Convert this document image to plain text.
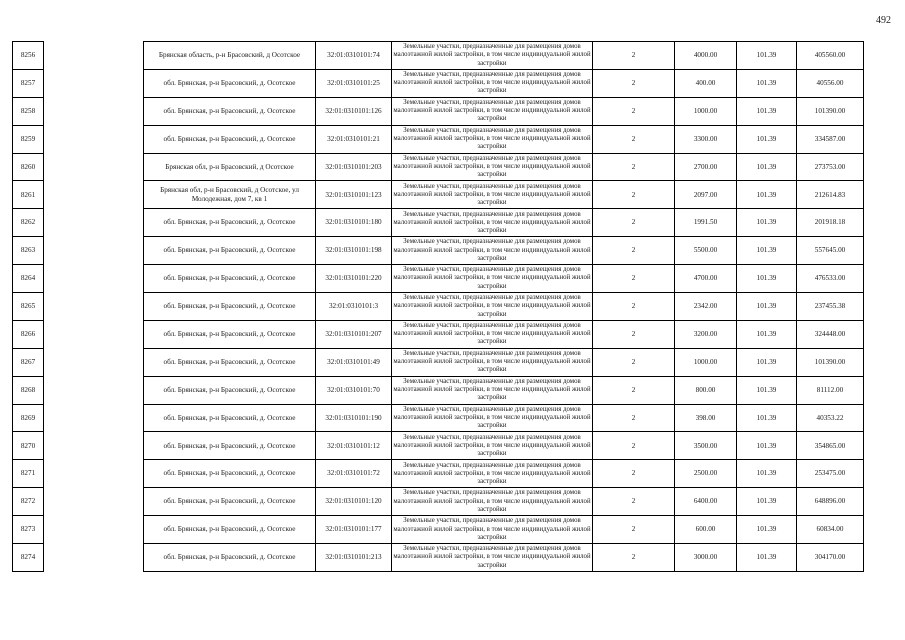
492
8256		Брянская область, р-н Брасовский, д Осотское	32:01:0310101:74	Земельные участки, предназначенные для размещения домов малоэтажной жилой застройки, в том числе индивидуальной жилой застройки	2	4000.00	101.39	405560.00
8257		обл. Брянская, р-н Брасовский, д. Осотское	32:01:0310101:25	Земельные участки, предназначенные для размещения домов малоэтажной жилой застройки, в том числе индивидуальной жилой застройки	2	400.00	101.39	40556.00
8258		обл. Брянская, р-н Брасовский, д. Осотское	32:01:0310101:126	Земельные участки, предназначенные для размещения домов малоэтажной жилой застройки, в том числе индивидуальной жилой застройки	2	1000.00	101.39	101390.00
8259		обл. Брянская, р-н Брасовский, д. Осотское	32:01:0310101:21	Земельные участки, предназначенные для размещения домов малоэтажной жилой застройки, в том числе индивидуальной жилой застройки	2	3300.00	101.39	334587.00
8260		Брянская обл, р-н Брасовский, д Осотское	32:01:0310101:203	Земельные участки, предназначенные для размещения домов малоэтажной жилой застройки, в том числе индивидуальной жилой застройки	2	2700.00	101.39	273753.00
8261		Брянская обл, р-н Брасовский, д Осотское, ул Молодежная, дом 7, кв 1	32:01:0310101:123	Земельные участки, предназначенные для размещения домов малоэтажной жилой застройки, в том числе индивидуальной жилой застройки	2	2097.00	101.39	212614.83
8262		обл. Брянская, р-н Брасовский, д. Осотское	32:01:0310101:180	Земельные участки, предназначенные для размещения домов малоэтажной жилой застройки, в том числе индивидуальной жилой застройки	2	1991.50	101.39	201918.18
8263		обл. Брянская, р-н Брасовский, д. Осотское	32:01:0310101:198	Земельные участки, предназначенные для размещения домов малоэтажной жилой застройки, в том числе индивидуальной жилой застройки	2	5500.00	101.39	557645.00
8264		обл. Брянская, р-н Брасовский, д. Осотское	32:01:0310101:220	Земельные участки, предназначенные для размещения домов малоэтажной жилой застройки, в том числе индивидуальной жилой застройки	2	4700.00	101.39	476533.00
8265		обл. Брянская, р-н Брасовский, д. Осотское	32:01:0310101:3	Земельные участки, предназначенные для размещения домов малоэтажной жилой застройки, в том числе индивидуальной жилой застройки	2	2342.00	101.39	237455.38
8266		обл. Брянская, р-н Брасовский, д. Осотское	32:01:0310101:207	Земельные участки, предназначенные для размещения домов малоэтажной жилой застройки, в том числе индивидуальной жилой застройки	2	3200.00	101.39	324448.00
8267		обл. Брянская, р-н Брасовский, д. Осотское	32:01:0310101:49	Земельные участки, предназначенные для размещения домов малоэтажной жилой застройки, в том числе индивидуальной жилой застройки	2	1000.00	101.39	101390.00
8268		обл. Брянская, р-н Брасовский, д. Осотское	32:01:0310101:70	Земельные участки, предназначенные для размещения домов малоэтажной жилой застройки, в том числе индивидуальной жилой застройки	2	800.00	101.39	81112.00
8269		обл. Брянская, р-н Брасовский, д. Осотское	32:01:0310101:190	Земельные участки, предназначенные для размещения домов малоэтажной жилой застройки, в том числе индивидуальной жилой застройки	2	398.00	101.39	40353.22
8270		обл. Брянская, р-н Брасовский, д. Осотское	32:01:0310101:12	Земельные участки, предназначенные для размещения домов малоэтажной жилой застройки, в том числе индивидуальной жилой застройки	2	3500.00	101.39	354865.00
8271		обл. Брянская, р-н Брасовский, д. Осотское	32:01:0310101:72	Земельные участки, предназначенные для размещения домов малоэтажной жилой застройки, в том числе индивидуальной жилой застройки	2	2500.00	101.39	253475.00
8272		обл. Брянская, р-н Брасовский, д. Осотское	32:01:0310101:120	Земельные участки, предназначенные для размещения домов малоэтажной жилой застройки, в том числе индивидуальной жилой застройки	2	6400.00	101.39	648896.00
8273		обл. Брянская, р-н Брасовский, д. Осотское	32:01:0310101:177	Земельные участки, предназначенные для размещения домов малоэтажной жилой застройки, в том числе индивидуальной жилой застройки	2	600.00	101.39	60834.00
8274		обл. Брянская, р-н Брасовский, д. Осотское	32:01:0310101:213	Земельные участки, предназначенные для размещения домов малоэтажной жилой застройки, в том числе индивидуальной жилой застройки	2	3000.00	101.39	304170.00
